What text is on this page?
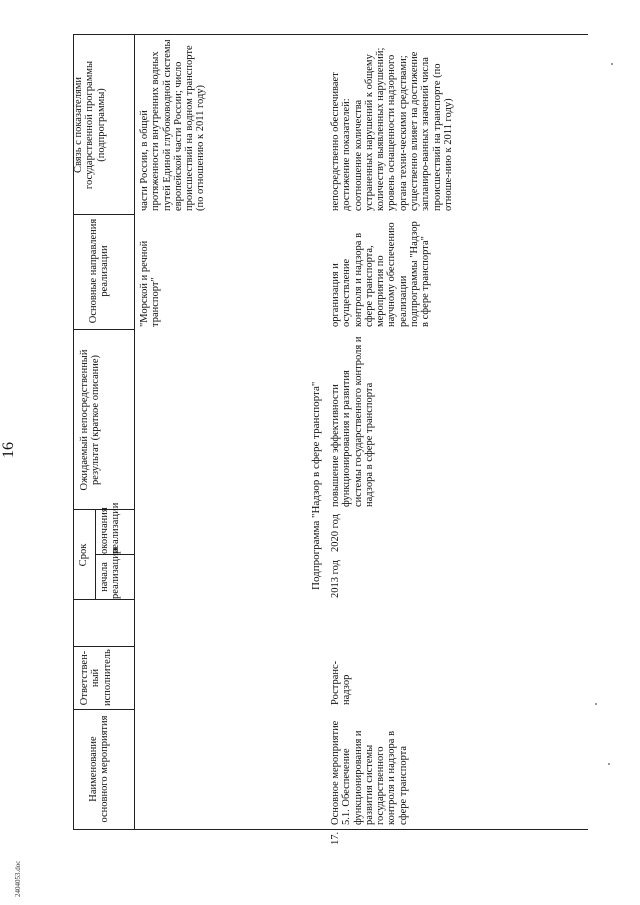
16
Наименование основного мероприятия
Ответствен-ный исполнитель
Срок
начала реализации
окончания реализации
Ожидаемый непосредственный результат (краткое описание)
Основные направления реализации
Связь с показателями государственной программы (подпрограммы)
"Морской и речной транспорт"
части России, в общей протяженности внутренних водных путей Единой глубоководной системы европейской части России; число происшествий на водном транспорте (по отношению к 2011 году)
Подпрограмма "Надзор в сфере транспорта"
17.
Основное мероприятие 5.1. Обеспечение функционирования и развития системы государственного контроля и надзора в сфере транспорта
Ространс-надзор
2013 год
2020 год
повышение эффективности функционирования и развития системы государственного контроля и надзора в сфере транспорта
организация и осуществление контроля и надзора в сфере транспорта, мероприятия по научному обеспечению реализации подпрограммы "Надзор в сфере транспорта"
непосредственно обеспечивает достижение показателей: соотношение количества устраненных нарушений к общему количеству выявленных нарушений; уровень оснащенности надзорного органа техни-ческими средствами; существенно влияет на достижение запланиро-ванных значений числа происшествий на транспорте (по отноше-нию к 2011 году)
2404053.doc
